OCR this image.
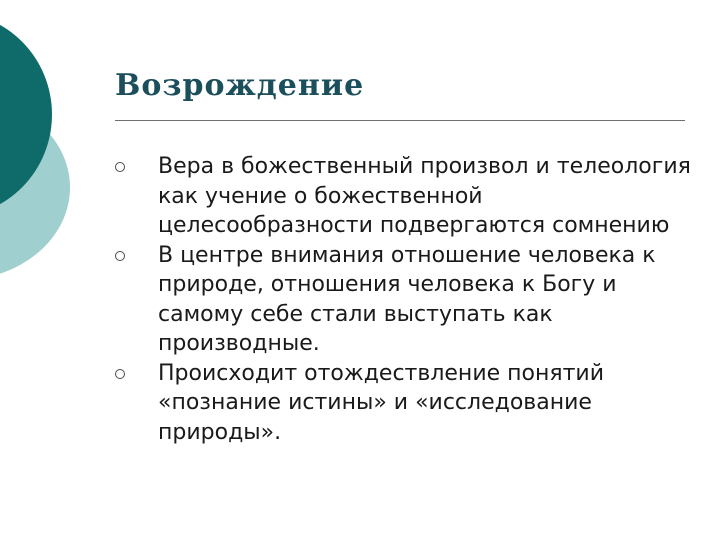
Возрождение
Вера в божественный произвол и телеология как учение о божественной целесообразности подвергаются сомнению
В центре внимания отношение человека к природе, отношения человека к Богу и самому себе стали выступать как производные.
Происходит отождествление понятий «познание истины» и «исследование природы».
